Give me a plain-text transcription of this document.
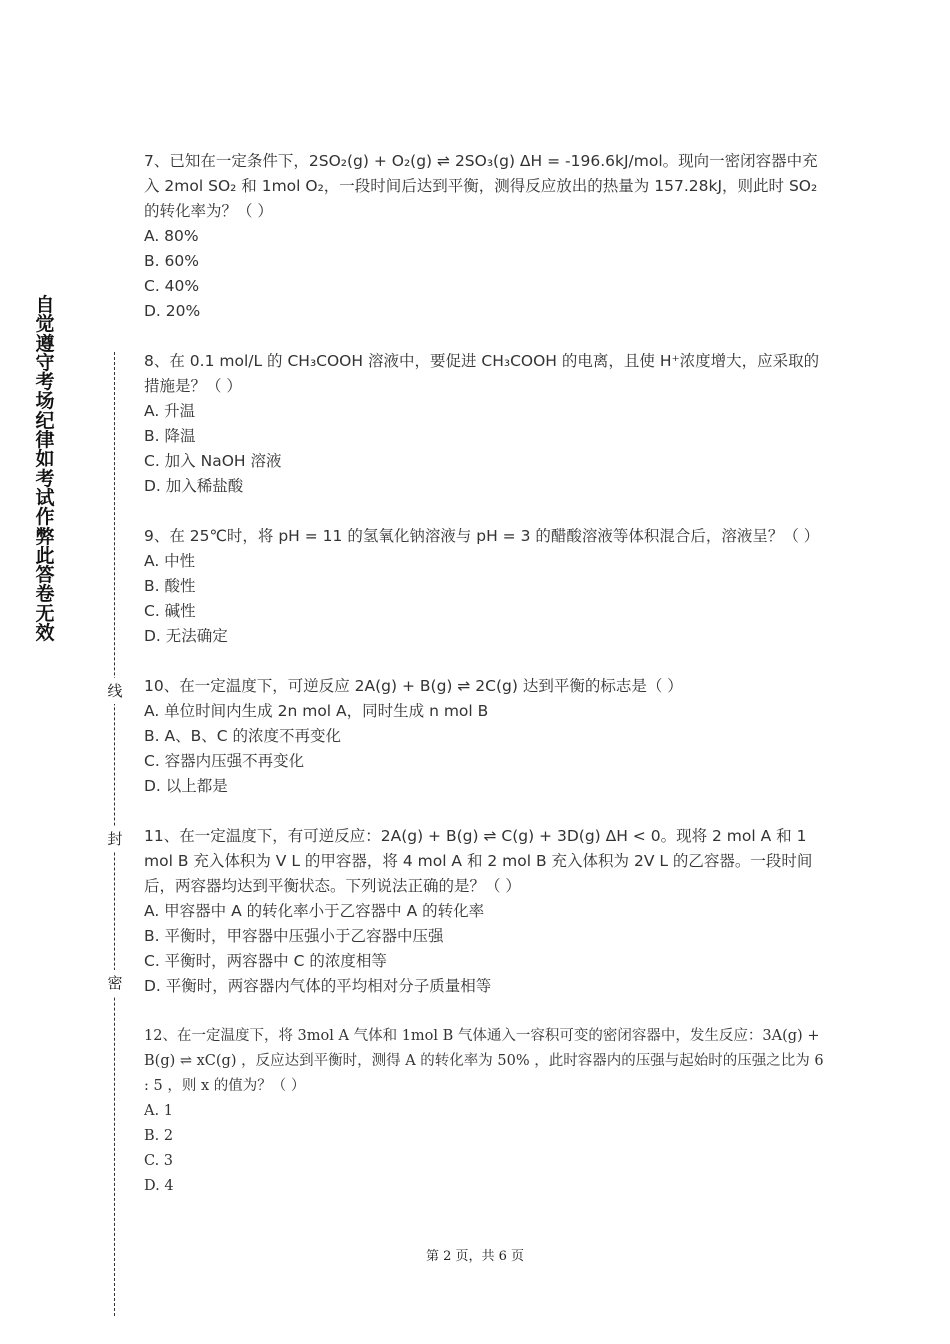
自觉遵守考场纪律如考试作弊此答卷无效
线
封
密

7、已知在一定条件下，2SO₂(g) + O₂(g) ⇌ 2SO₃(g) ΔH = -196.6kJ/mol。现向一密闭容器中充入 2mol SO₂ 和 1mol O₂，一段时间后达到平衡，测得反应放出的热量为 157.28kJ，则此时 SO₂ 的转化率为？（ ）

A. 80%
B. 60%
C. 40%
D. 20%

8、在 0.1 mol/L 的 CH₃COOH 溶液中，要促进 CH₃COOH 的电离，且使 H⁺浓度增大，应采取的措施是？（ ）

A. 升温
B. 降温
C. 加入 NaOH 溶液
D. 加入稀盐酸

9、在 25℃时，将 pH = 11 的氢氧化钠溶液与 pH = 3 的醋酸溶液等体积混合后，溶液呈？（ ）

A. 中性
B. 酸性
C. 碱性
D. 无法确定

10、在一定温度下，可逆反应 2A(g) + B(g) ⇌ 2C(g) 达到平衡的标志是（ ）

A. 单位时间内生成 2n mol A，同时生成 n mol B
B. A、B、C 的浓度不再变化
C. 容器内压强不再变化
D. 以上都是

11、在一定温度下，有可逆反应：2A(g) + B(g) ⇌ C(g) + 3D(g) ΔH < 0。现将 2 mol A 和 1 mol B 充入体积为 V L 的甲容器，将 4 mol A 和 2 mol B 充入体积为 2V L 的乙容器。一段时间后，两容器均达到平衡状态。下列说法正确的是？（ ）

A. 甲容器中 A 的转化率小于乙容器中 A 的转化率
B. 平衡时，甲容器中压强小于乙容器中压强
C. 平衡时，两容器中 C 的浓度相等
D. 平衡时，两容器内气体的平均相对分子质量相等

12、在一定温度下，将 3mol A 气体和 1mol B 气体通入一容积可变的密闭容器中，发生反应：3A(g) + B(g) ⇌ xC(g) ，反应达到平衡时，测得 A 的转化率为 50% ，此时容器内的压强与起始时的压强之比为 6 : 5 ，则 x 的值为？（ ）

A. 1
B. 2
C. 3
D. 4
第 2 页，共 6 页
